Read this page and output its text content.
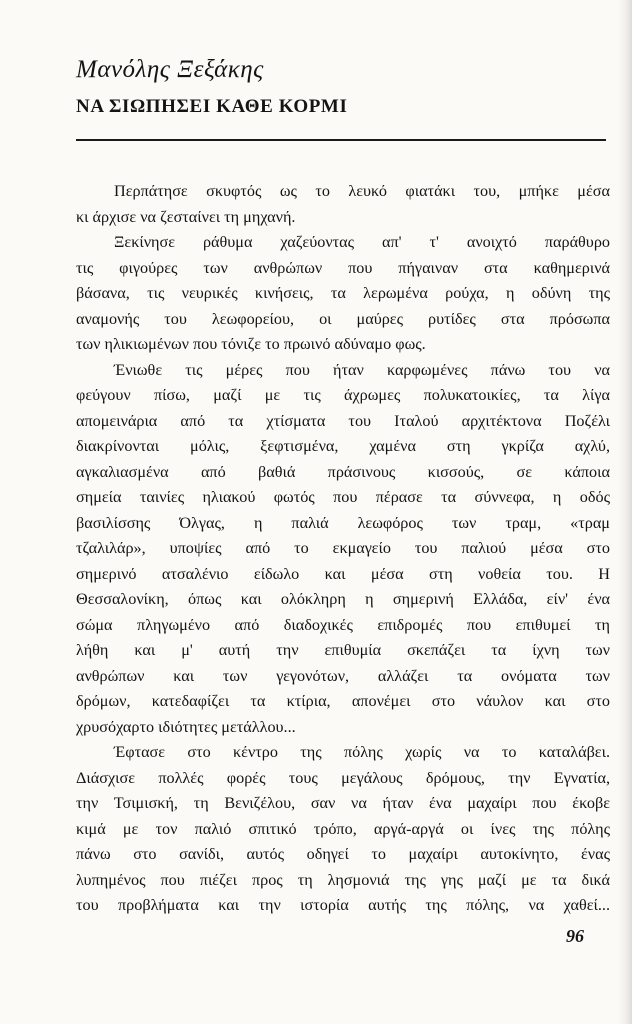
Μανόλης Ξεξάκης
ΝΑ ΣΙΩΠΗΣΕΙ ΚΑΘΕ ΚΟΡΜΙ
Περπάτησε σκυφτός ως το λευκό φιατάκι του, μπήκε μέσα
κι άρχισε να ζεσταίνει τη μηχανή.
Ξεκίνησε ράθυμα χαζεύοντας απ' τ' ανοιχτό παράθυρο
τις φιγούρες των ανθρώπων που πήγαιναν στα καθημερινά
βάσανα, τις νευρικές κινήσεις, τα λερωμένα ρούχα, η οδύνη της
αναμονής του λεωφορείου, οι μαύρες ρυτίδες στα πρόσωπα
των ηλικιωμένων που τόνιζε το πρωινό αδύναμο φως.
Ένιωθε τις μέρες που ήταν καρφωμένες πάνω του να
φεύγουν πίσω, μαζί με τις άχρωμες πολυκατοικίες, τα λίγα
απομεινάρια από τα χτίσματα του Ιταλού αρχιτέκτονα Ποζέλι
διακρίνονται μόλις, ξεφτισμένα, χαμένα στη γκρίζα αχλύ,
αγκαλιασμένα από βαθιά πράσινους κισσούς, σε κάποια
σημεία ταινίες ηλιακού φωτός που πέρασε τα σύννεφα, η οδός
βασιλίσσης Όλγας, η παλιά λεωφόρος των τραμ, «τραμ
τζαλιλάρ», υποψίες από το εκμαγείο του παλιού μέσα στο
σημερινό ατσαλένιο είδωλο και μέσα στη νοθεία του. Η
Θεσσαλονίκη, όπως και ολόκληρη η σημερινή Ελλάδα, είν' ένα
σώμα πληγωμένο από διαδοχικές επιδρομές που επιθυμεί τη
λήθη και μ' αυτή την επιθυμία σκεπάζει τα ίχνη των
ανθρώπων και των γεγονότων, αλλάζει τα ονόματα των
δρόμων, κατεδαφίζει τα κτίρια, απονέμει στο νάυλον και στο
χρυσόχαρτο ιδιότητες μετάλλου...
Έφτασε στο κέντρο της πόλης χωρίς να το καταλάβει.
Διάσχισε πολλές φορές τους μεγάλους δρόμους, την Εγνατία,
την Τσιμισκή, τη Βενιζέλου, σαν να ήταν ένα μαχαίρι που έκοβε
κιμά με τον παλιό σπιτικό τρόπο, αργά-αργά οι ίνες της πόλης
πάνω στο σανίδι, αυτός οδηγεί το μαχαίρι αυτοκίνητο, ένας
λυπημένος που πιέζει προς τη λησμονιά της γης μαζί με τα δικά
του προβλήματα και την ιστορία αυτής της πόλης, να χαθεί...
96
